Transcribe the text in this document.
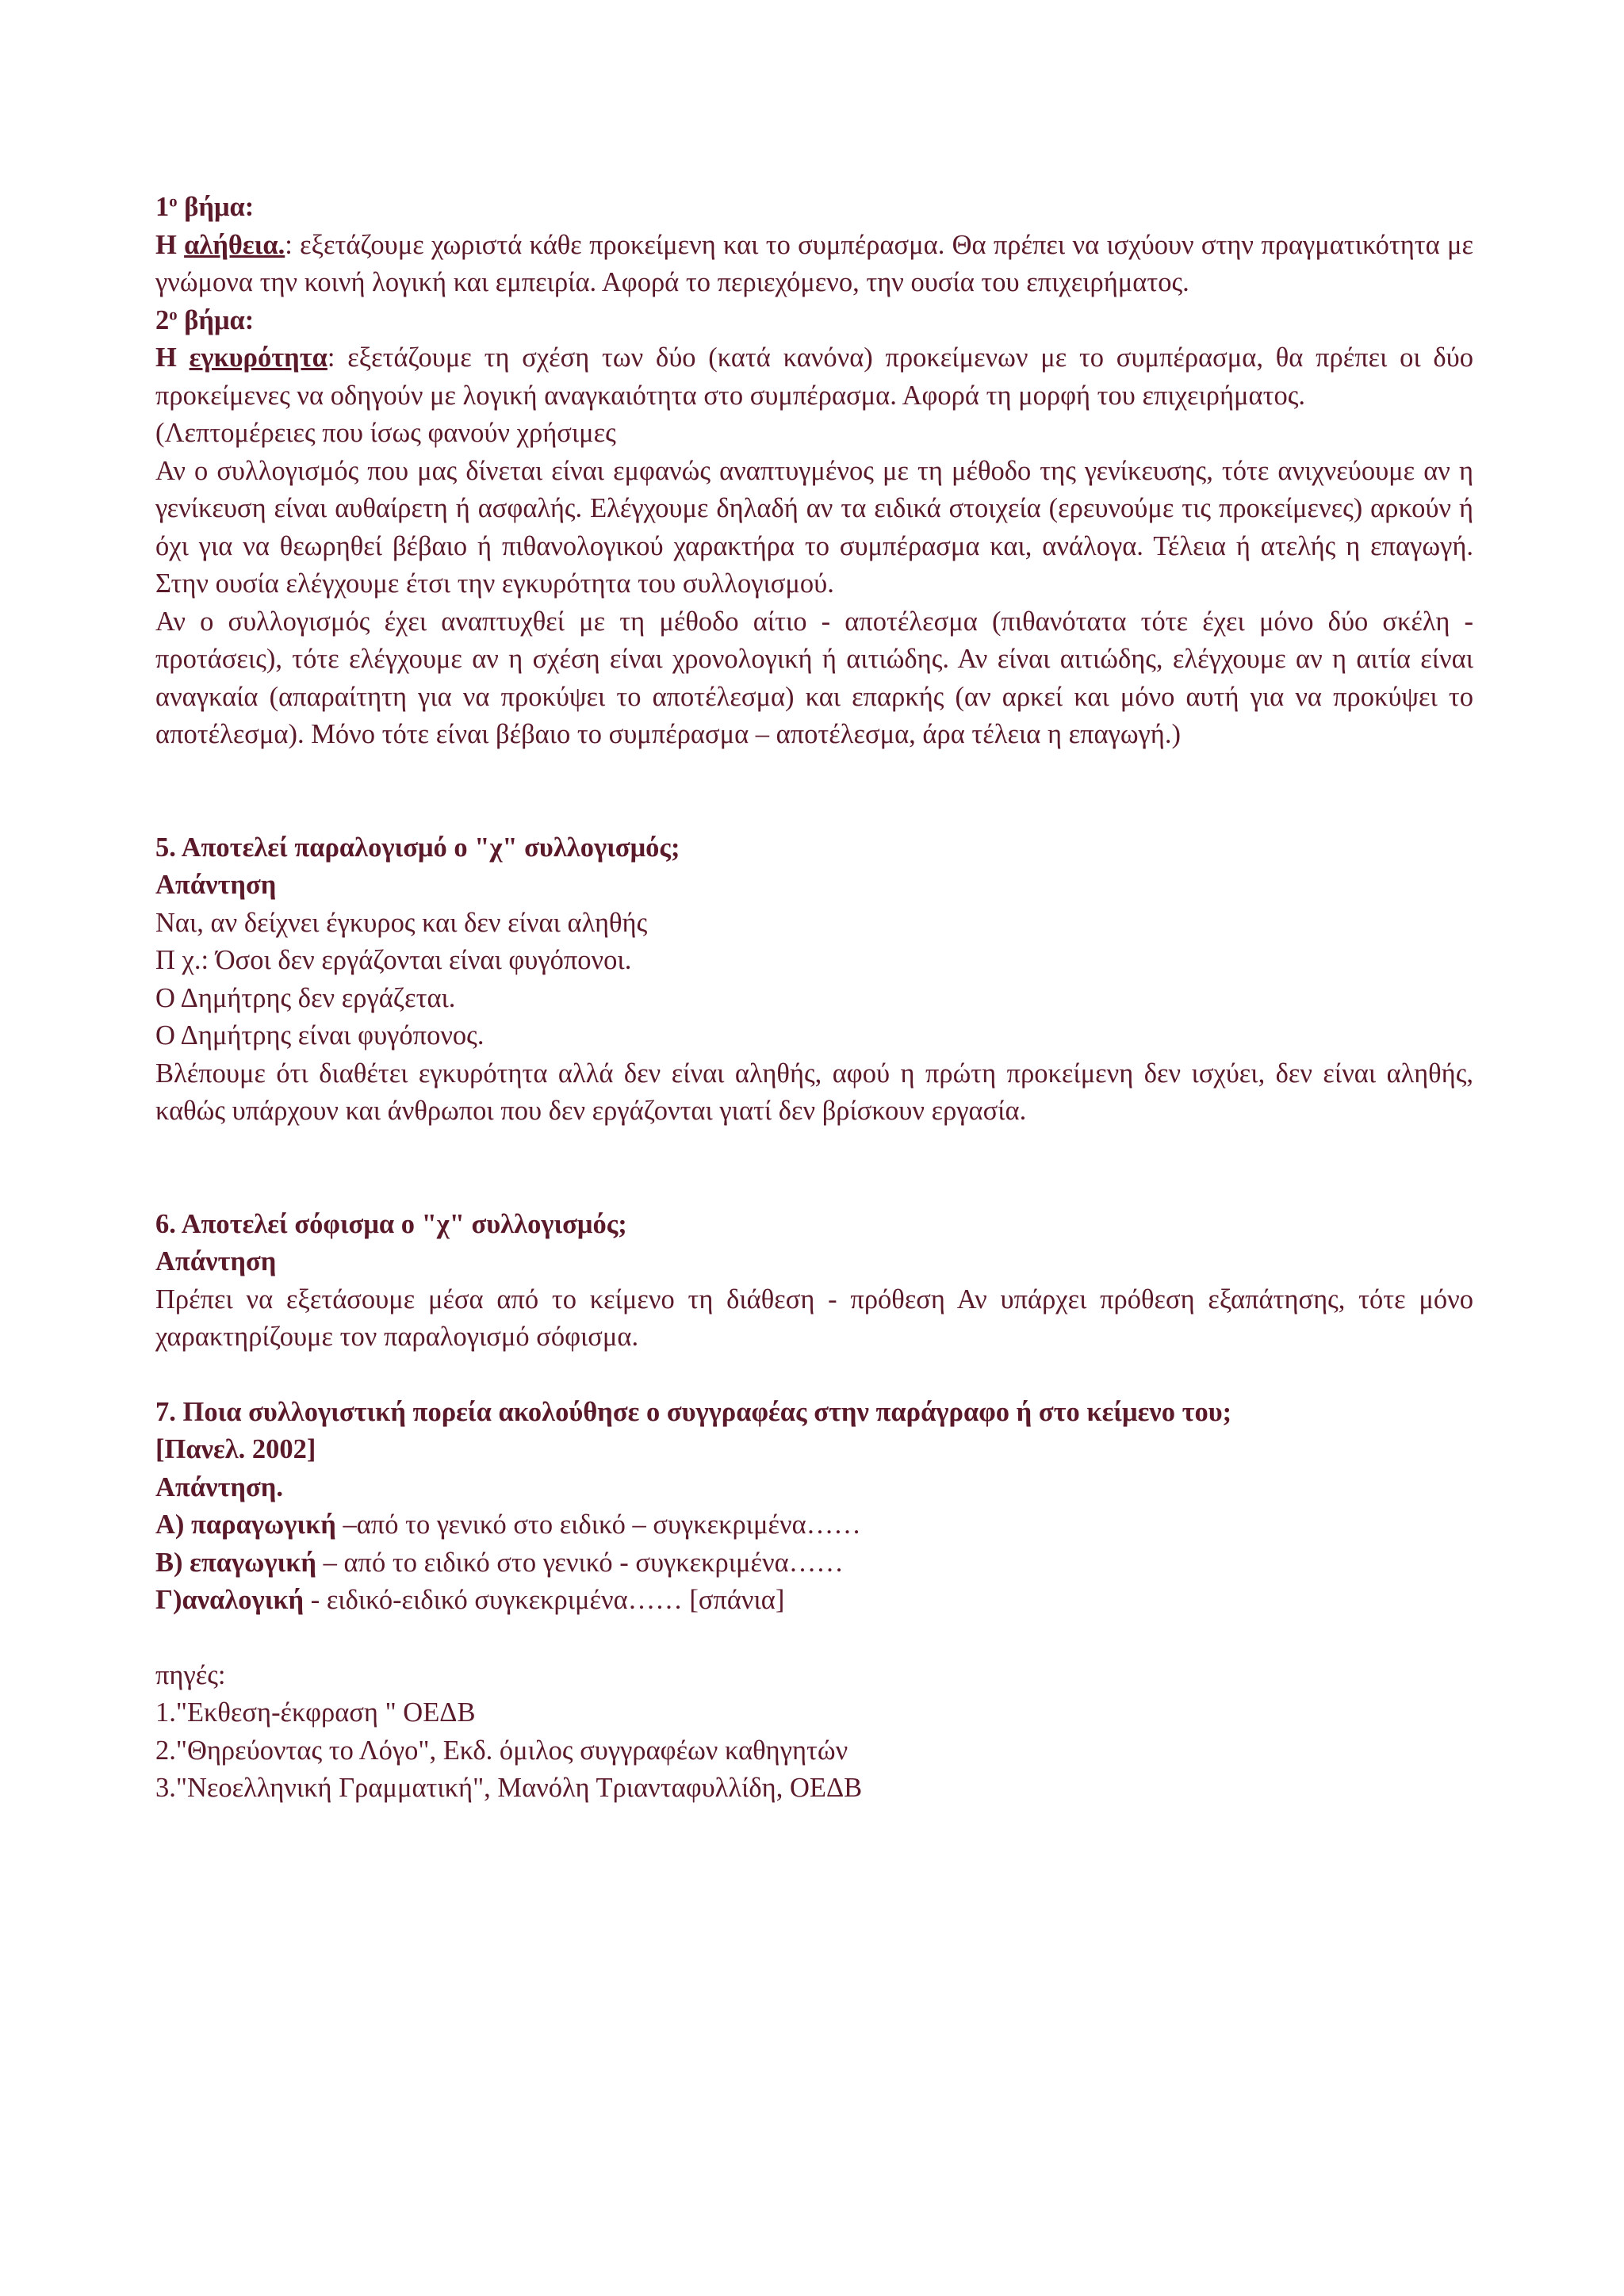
$1^o$ βήμα:

Η αλήθεια.: εξετάζουμε χωριστά κάθε προκείμενη και το συμπέρασμα. Θα πρέπει να ισχύουν στην πραγματικότητα με γνώμονα την κοινή λογική και εμπειρία. Αφορά το περιεχόμενο, την ουσία του επιχειρήματος.

$2^o$ βήμα:

Η εγκυρότητα: εξετάζουμε τη σχέση των δύο (κατά κανόνα) προκείμενων με το συμπέρασμα, θα πρέπει οι δύο προκείμενες να οδηγούν με λογική αναγκαιότητα στο συμπέρασμα. Αφορά τη μορφή του επιχειρήματος.

(Λεπτομέρειες που ίσως φανούν χρήσιμες

Αν ο συλλογισμός που μας δίνεται είναι εμφανώς αναπτυγμένος με τη μέθοδο της γενίκευσης, τότε ανιχνεύουμε αν η γενίκευση είναι αυθαίρετη ή ασφαλής. Ελέγχουμε δηλαδή αν τα ειδικά στοιχεία (ερευνούμε τις προκείμενες) αρκούν ή όχι για να θεωρηθεί βέβαιο ή πιθανολογικού χαρακτήρα το συμπέρασμα και, ανάλογα. Τέλεια ή ατελής η επαγωγή. Στην ουσία ελέγχουμε έτσι την εγκυρότητα του συλλογισμού.

Αν ο συλλογισμός έχει αναπτυχθεί με τη μέθοδο αίτιο - αποτέλεσμα (πιθανότατα τότε έχει μόνο δύο σκέλη - προτάσεις), τότε ελέγχουμε αν η σχέση είναι χρονολογική ή αιτιώδης. Αν είναι αιτιώδης, ελέγχουμε αν η αιτία είναι αναγκαία (απαραίτητη για να προκύψει το αποτέλεσμα) και επαρκής (αν αρκεί και μόνο αυτή για να προκύψει το αποτέλεσμα). Μόνο τότε είναι βέβαιο το συμπέρασμα – αποτέλεσμα, άρα τέλεια η επαγωγή.)

5. Αποτελεί παραλογισμό ο "χ" συλλογισμός;

Απάντηση

Ναι, αν δείχνει έγκυρος και δεν είναι αληθής

Π χ.: Όσοι δεν εργάζονται είναι φυγόπονοι.

Ο Δημήτρης δεν εργάζεται.

Ο Δημήτρης είναι φυγόπονος.

Βλέπουμε ότι διαθέτει εγκυρότητα αλλά δεν είναι αληθής, αφού η πρώτη προκείμενη δεν ισχύει, δεν είναι αληθής, καθώς υπάρχουν και άνθρωποι που δεν εργάζονται γιατί δεν βρίσκουν εργασία.

6. Αποτελεί σόφισμα ο "χ" συλλογισμός;

Απάντηση

Πρέπει να εξετάσουμε μέσα από το κείμενο τη διάθεση - πρόθεση Αν υπάρχει πρόθεση εξαπάτησης, τότε μόνο χαρακτηρίζουμε τον παραλογισμό σόφισμα.

7. Ποια συλλογιστική πορεία ακολούθησε ο συγγραφέας στην παράγραφο ή στο κείμενο του;

[Πανελ. 2002]

Απάντηση.

Α) παραγωγική –από το γενικό στο ειδικό – συγκεκριμένα……

Β) επαγωγική – από το ειδικό στο γενικό - συγκεκριμένα……

Γ)αναλογική - ειδικό-ειδικό συγκεκριμένα…… [σπάνια]

πηγές:

1."Εκθεση-έκφραση " ΟΕΔΒ

2."Θηρεύοντας το Λόγο", Εκδ. όμιλος συγγραφέων καθηγητών

3."Νεοελληνική Γραμματική", Μανόλη Τριανταφυλλίδη, ΟΕΔΒ
